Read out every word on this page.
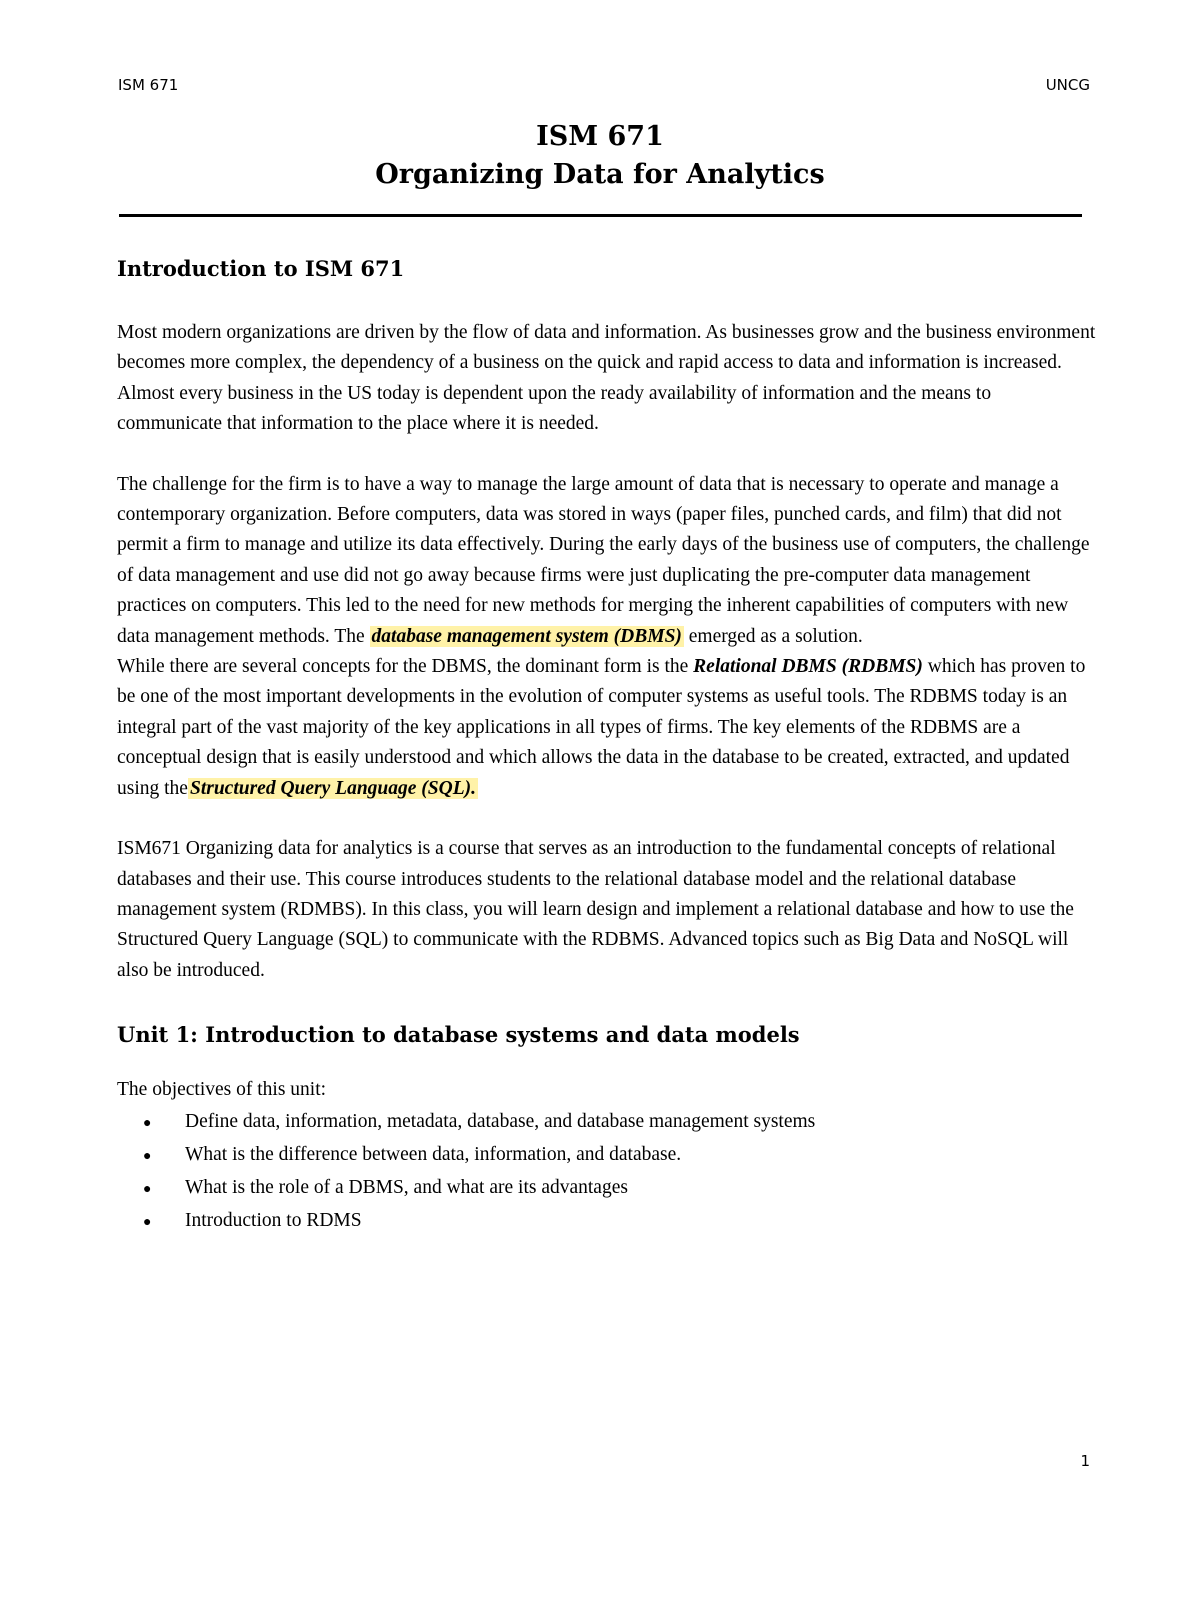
ISM 671	UNCG
ISM 671
Organizing Data for Analytics
Introduction to ISM 671

Most modern organizations are driven by the flow of data and information. As businesses grow and the business environment becomes more complex, the dependency of a business on the quick and rapid access to data and information is increased. Almost every business in the US today is dependent upon the ready availability of information and the means to communicate that information to the place where it is needed.

The challenge for the firm is to have a way to manage the large amount of data that is necessary to operate and manage a contemporary organization. Before computers, data was stored in ways (paper files, punched cards, and film) that did not permit a firm to manage and utilize its data effectively. During the early days of the business use of computers, the challenge of data management and use did not go away because firms were just duplicating the pre-computer data management practices on computers. This led to the need for new methods for merging the inherent capabilities of computers with new data management methods. The database management system (DBMS) emerged as a solution.

While there are several concepts for the DBMS, the dominant form is the Relational DBMS (RDBMS) which has proven to be one of the most important developments in the evolution of computer systems as useful tools. The RDBMS today is an integral part of the vast majority of the key applications in all types of firms. The key elements of the RDBMS are a conceptual design that is easily understood and which allows the data in the database to be created, extracted, and updated using the Structured Query Language (SQL).

ISM671 Organizing data for analytics is a course that serves as an introduction to the fundamental concepts of relational databases and their use. This course introduces students to the relational database model and the relational database management system (RDMBS). In this class, you will learn design and implement a relational database and how to use the Structured Query Language (SQL) to communicate with the RDBMS. Advanced topics such as Big Data and NoSQL will also be introduced.

Unit 1: Introduction to database systems and data models

The objectives of this unit:

●	Define data, information, metadata, database, and database management systems
●	What is the difference between data, information, and database.
●	What is the role of a DBMS, and what are its advantages
●	Introduction to RDMS
1
